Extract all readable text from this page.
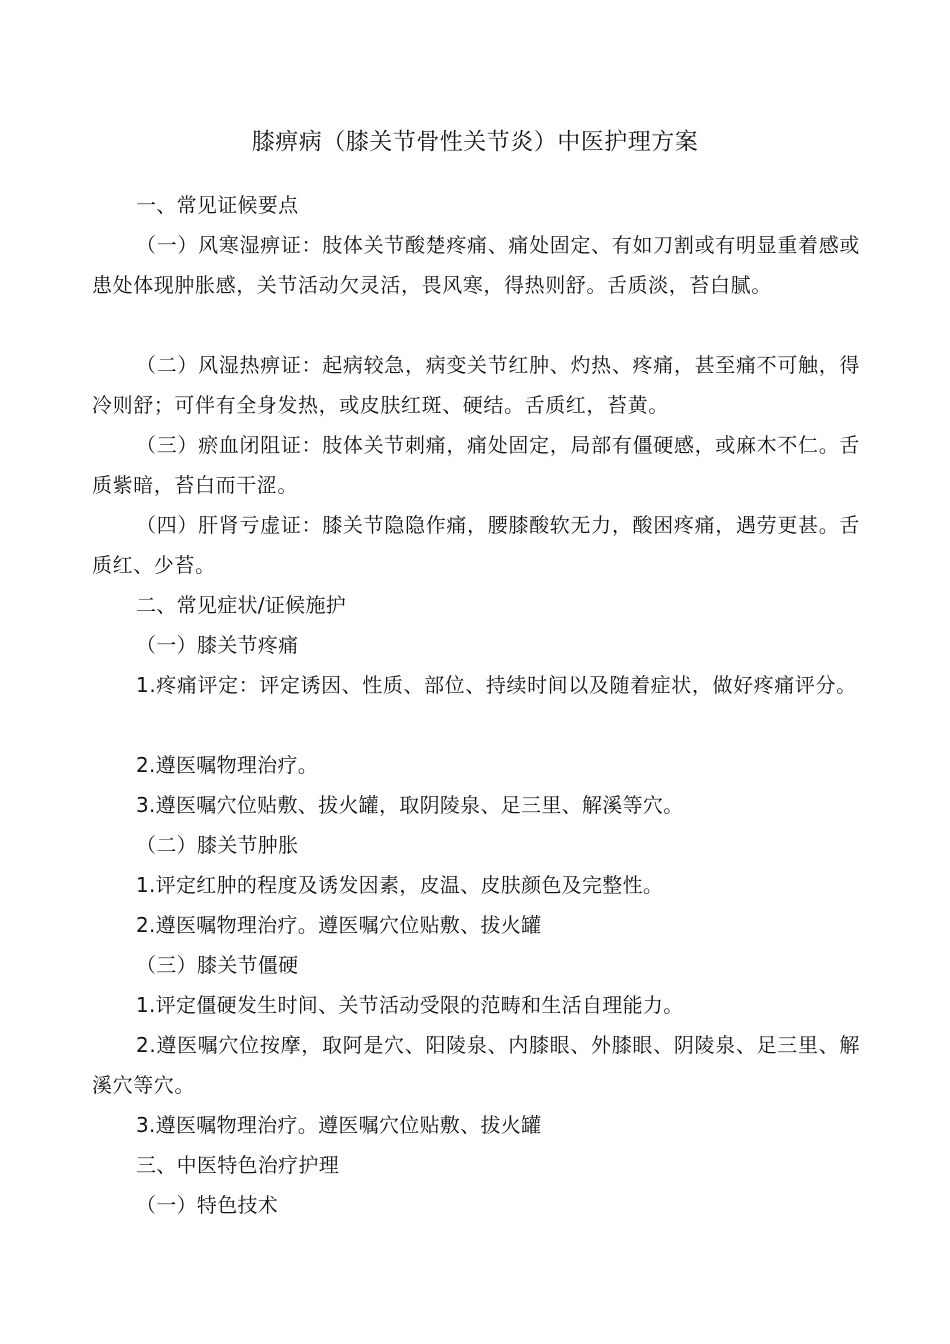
膝痹病（膝关节骨性关节炎）中医护理方案
一、常见证候要点
（一）风寒湿痹证：肢体关节酸楚疼痛、痛处固定、有如刀割或有明显重着感或患处体现肿胀感，关节活动欠灵活，畏风寒，得热则舒。舌质淡，苔白腻。
（二）风湿热痹证：起病较急，病变关节红肿、灼热、疼痛，甚至痛不可触，得冷则舒；可伴有全身发热，或皮肤红斑、硬结。舌质红，苔黄。
（三）瘀血闭阻证：肢体关节刺痛，痛处固定，局部有僵硬感，或麻木不仁。舌质紫暗，苔白而干涩。
（四）肝肾亏虚证：膝关节隐隐作痛，腰膝酸软无力，酸困疼痛，遇劳更甚。舌质红、少苔。
二、常见症状/证候施护
（一）膝关节疼痛
1.疼痛评定：评定诱因、性质、部位、持续时间以及随着症状，做好疼痛评分。
2.遵医嘱物理治疗。
3.遵医嘱穴位贴敷、拔火罐，取阴陵泉、足三里、解溪等穴。
（二）膝关节肿胀
1.评定红肿的程度及诱发因素，皮温、皮肤颜色及完整性。
2.遵医嘱物理治疗。遵医嘱穴位贴敷、拔火罐
（三）膝关节僵硬
1.评定僵硬发生时间、关节活动受限的范畴和生活自理能力。
2.遵医嘱穴位按摩，取阿是穴、阳陵泉、内膝眼、外膝眼、阴陵泉、足三里、解溪穴等穴。
3.遵医嘱物理治疗。遵医嘱穴位贴敷、拔火罐
三、中医特色治疗护理
（一）特色技术
